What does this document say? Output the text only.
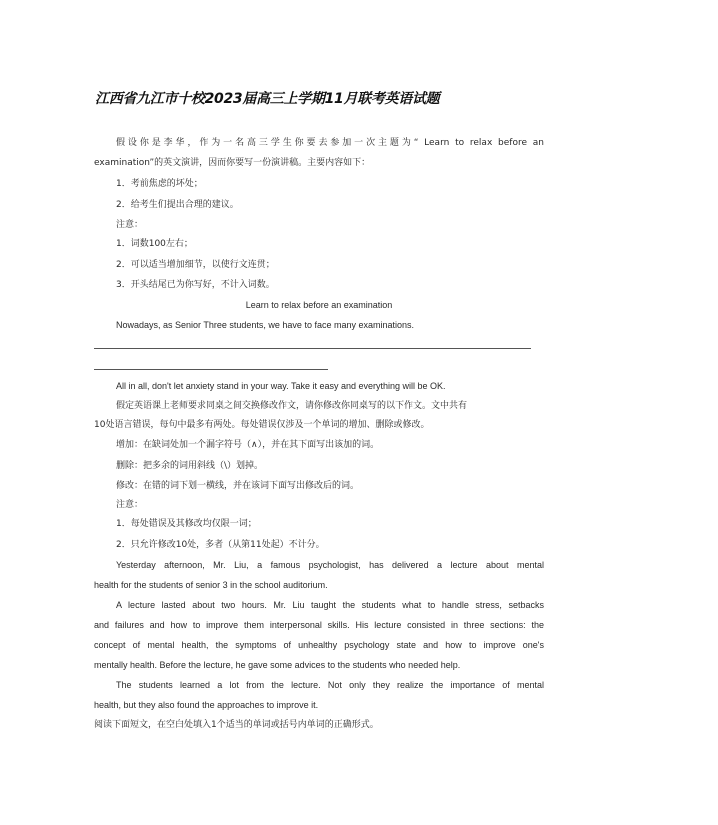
江西省九江市十校2023届高三上学期11月联考英语试题
假设你是李华，作为一名高三学生你要去参加一次主题为“ Learn to relax before an
examination”的英文演讲，因而你要写一份演讲稿。主要内容如下：
1．考前焦虑的坏处；
2．给考生们提出合理的建议。
注意：
1．词数100左右；
2．可以适当增加细节，以使行文连贯；
3．开头结尾已为你写好，不计入词数。
Learn to relax before an examination
Nowadays, as Senior Three students, we have to face many examinations.
All in all, don't let anxiety stand in your way. Take it easy and everything will be OK.
假定英语课上老师要求同桌之间交换修改作文，请你修改你同桌写的以下作文。文中共有
10处语言错误，每句中最多有两处。每处错误仅涉及一个单词的增加、删除或修改。
增加：在缺词处加一个漏字符号（∧），并在其下面写出该加的词。
删除：把多余的词用斜线（\）划掉。
修改：在错的词下划一横线，并在该词下面写出修改后的词。
注意：
1．每处错误及其修改均仅限一词；
2．只允许修改10处，多者（从第11处起）不计分。
Yesterday afternoon, Mr. Liu, a famous psychologist, has delivered a lecture about mental
health for the students of senior 3 in the school auditorium.
A lecture lasted about two hours. Mr. Liu taught the students what to handle stress, setbacks
and failures and how to improve them interpersonal skills. His lecture consisted in three sections: the
concept of mental health, the symptoms of unhealthy psychology state and how to improve one's
mentally health. Before the lecture, he gave some advices to the students who needed help.
The students learned a lot from the lecture. Not only they realize the importance of mental
health, but they also found the approaches to improve it.
阅读下面短文，在空白处填入1个适当的单词或括号内单词的正确形式。
